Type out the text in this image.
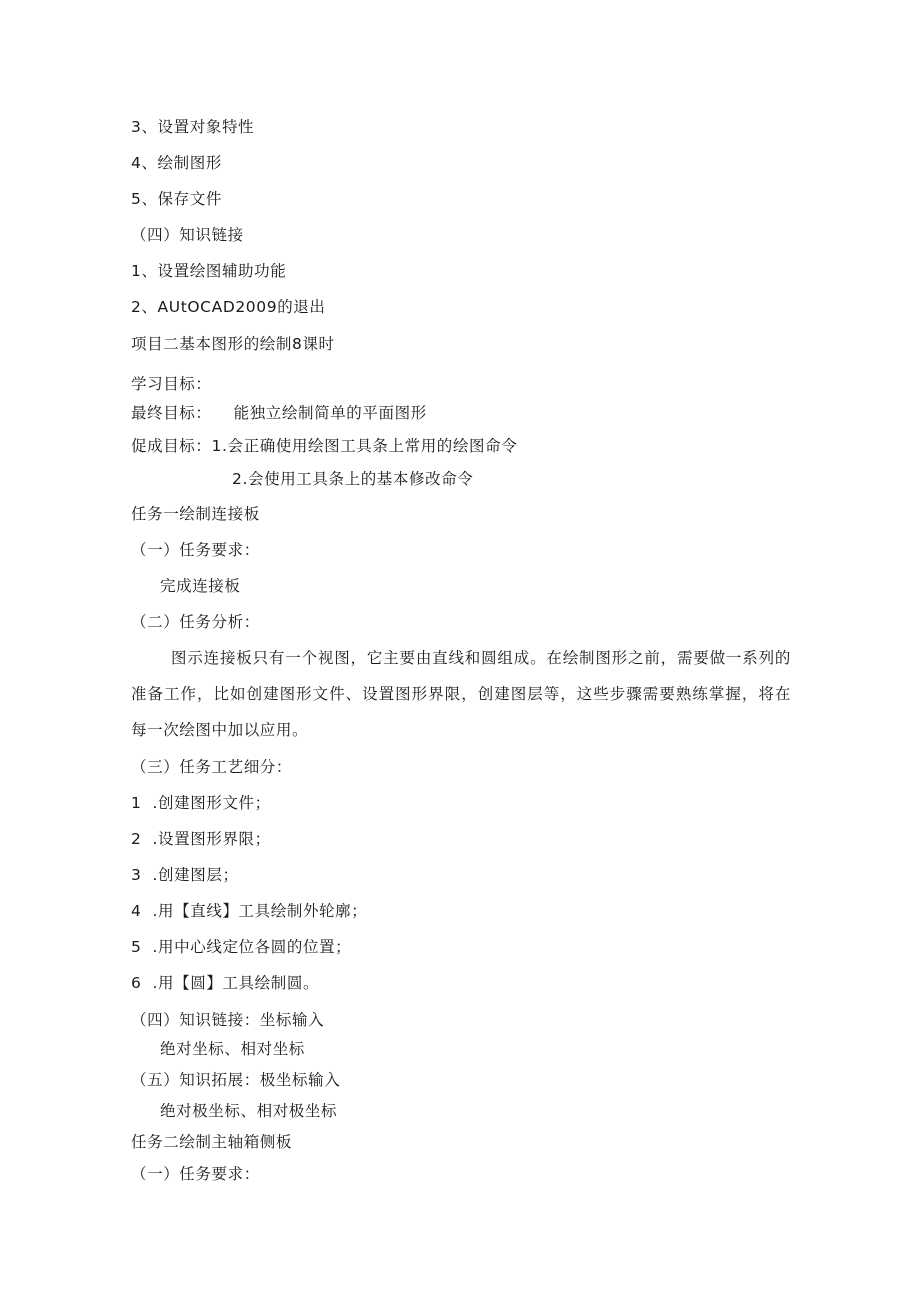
3、设置对象特性
4、绘制图形
5、保存文件
（四）知识链接
1、设置绘图辅助功能
2、AUtOCAD2009的退出
项目二基本图形的绘制8课时
学习目标：
最终目标：    能独立绘制简单的平面图形
促成目标：1.会正确使用绘图工具条上常用的绘图命令
2.会使用工具条上的基本修改命令
任务一绘制连接板
（一）任务要求：
完成连接板
（二）任务分析：
图示连接板只有一个视图，它主要由直线和圆组成。在绘制图形之前，需要做一系列的准备工作，比如创建图形文件、设置图形界限，创建图层等，这些步骤需要熟练掌握，将在每一次绘图中加以应用。
（三）任务工艺细分：
1  .创建图形文件；
2  .设置图形界限；
3  .创建图层；
4  .用【直线】工具绘制外轮廓；
5  .用中心线定位各圆的位置；
6  .用【圆】工具绘制圆。
（四）知识链接：坐标输入
绝对坐标、相对坐标
（五）知识拓展：极坐标输入
绝对极坐标、相对极坐标
任务二绘制主轴箱侧板
（一）任务要求：
